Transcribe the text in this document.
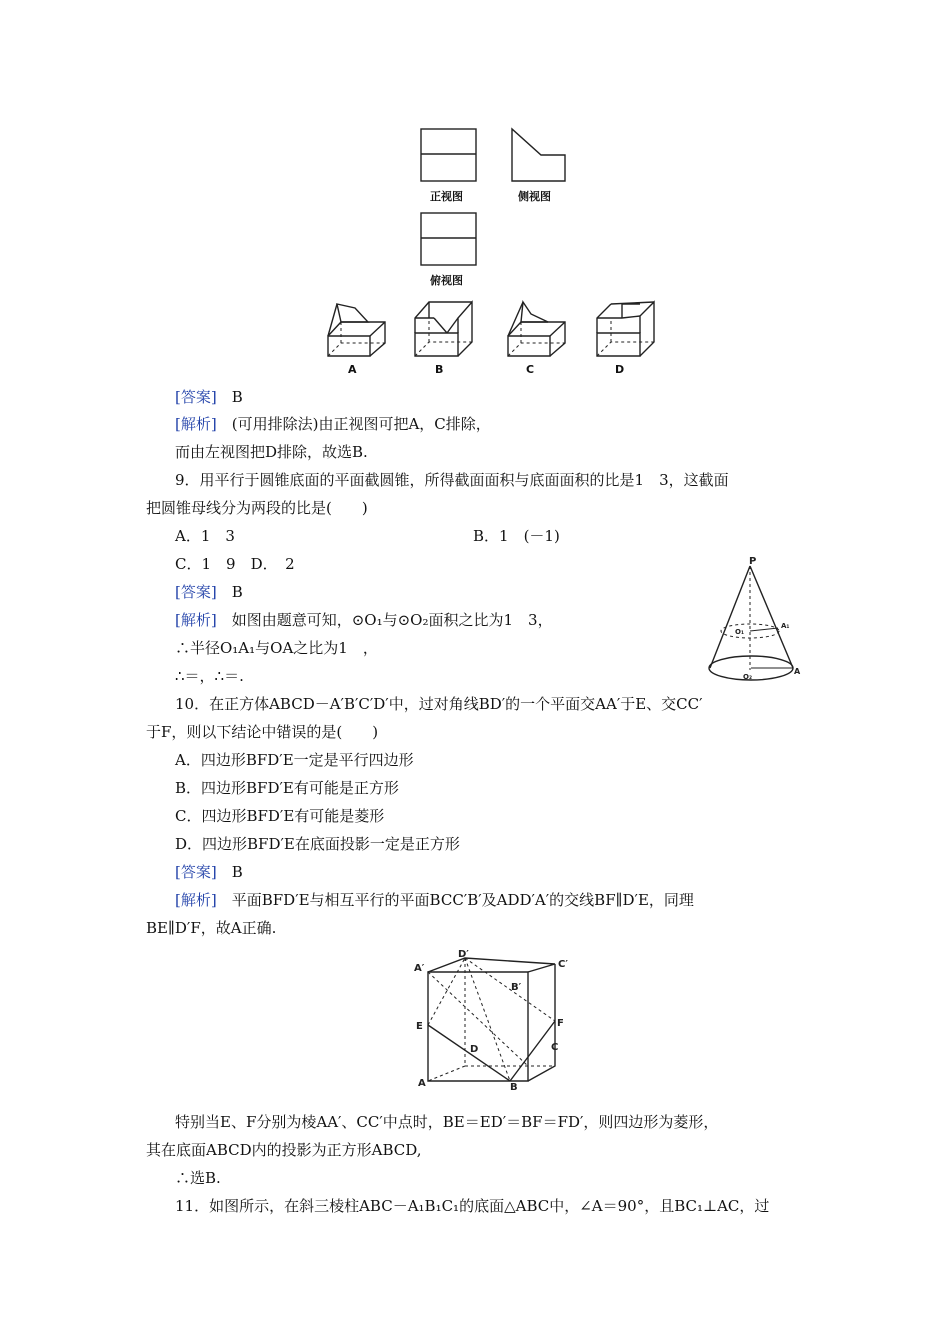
正视图	侧视图
俯视图
A	B	C	D
[答案]　 B
[解析]　 (可用排除法)由正视图可把A，C排除，
而由左视图把D排除，故选B.
9．用平行于圆锥底面的平面截圆锥，所得截面面积与底面面积的比是1　3，这截面
把圆锥母线分为两段的比是(　　)
A．1　3	B．1　(－1)
C．1　9　D．　2
[答案]　 B
[解析]　 如图由题意可知，⊙O₁与⊙O₂面积之比为1　3，
∴半径O₁A₁与OA之比为1　，
∴＝，∴＝.
P
O₁
A₁
O₂
A
10．在正方体ABCD－A′B′C′D′中，过对角线BD′的一个平面交AA′于E、交CC′
于F，则以下结论中错误的是(　　)
A．四边形BFD′E一定是平行四边形
B．四边形BFD′E有可能是正方形
C．四边形BFD′E有可能是菱形
D．四边形BFD′E在底面投影一定是正方形
[答案]　 B
[解析]　 平面BFD′E与相互平行的平面BCC′B′及ADD′A′的交线BF∥D′E，同理
BE∥D′F，故A正确.
D′
C′
A′
B′
E	F
D	C
A	B
特别当E、F分别为棱AA′、CC′中点时，BE＝ED′＝BF＝FD′，则四边形为菱形，
其在底面ABCD内的投影为正方形ABCD,
∴选B.
11．如图所示，在斜三棱柱ABC－A₁B₁C₁的底面△ABC中，∠A＝90°，且BC₁⊥AC，过
